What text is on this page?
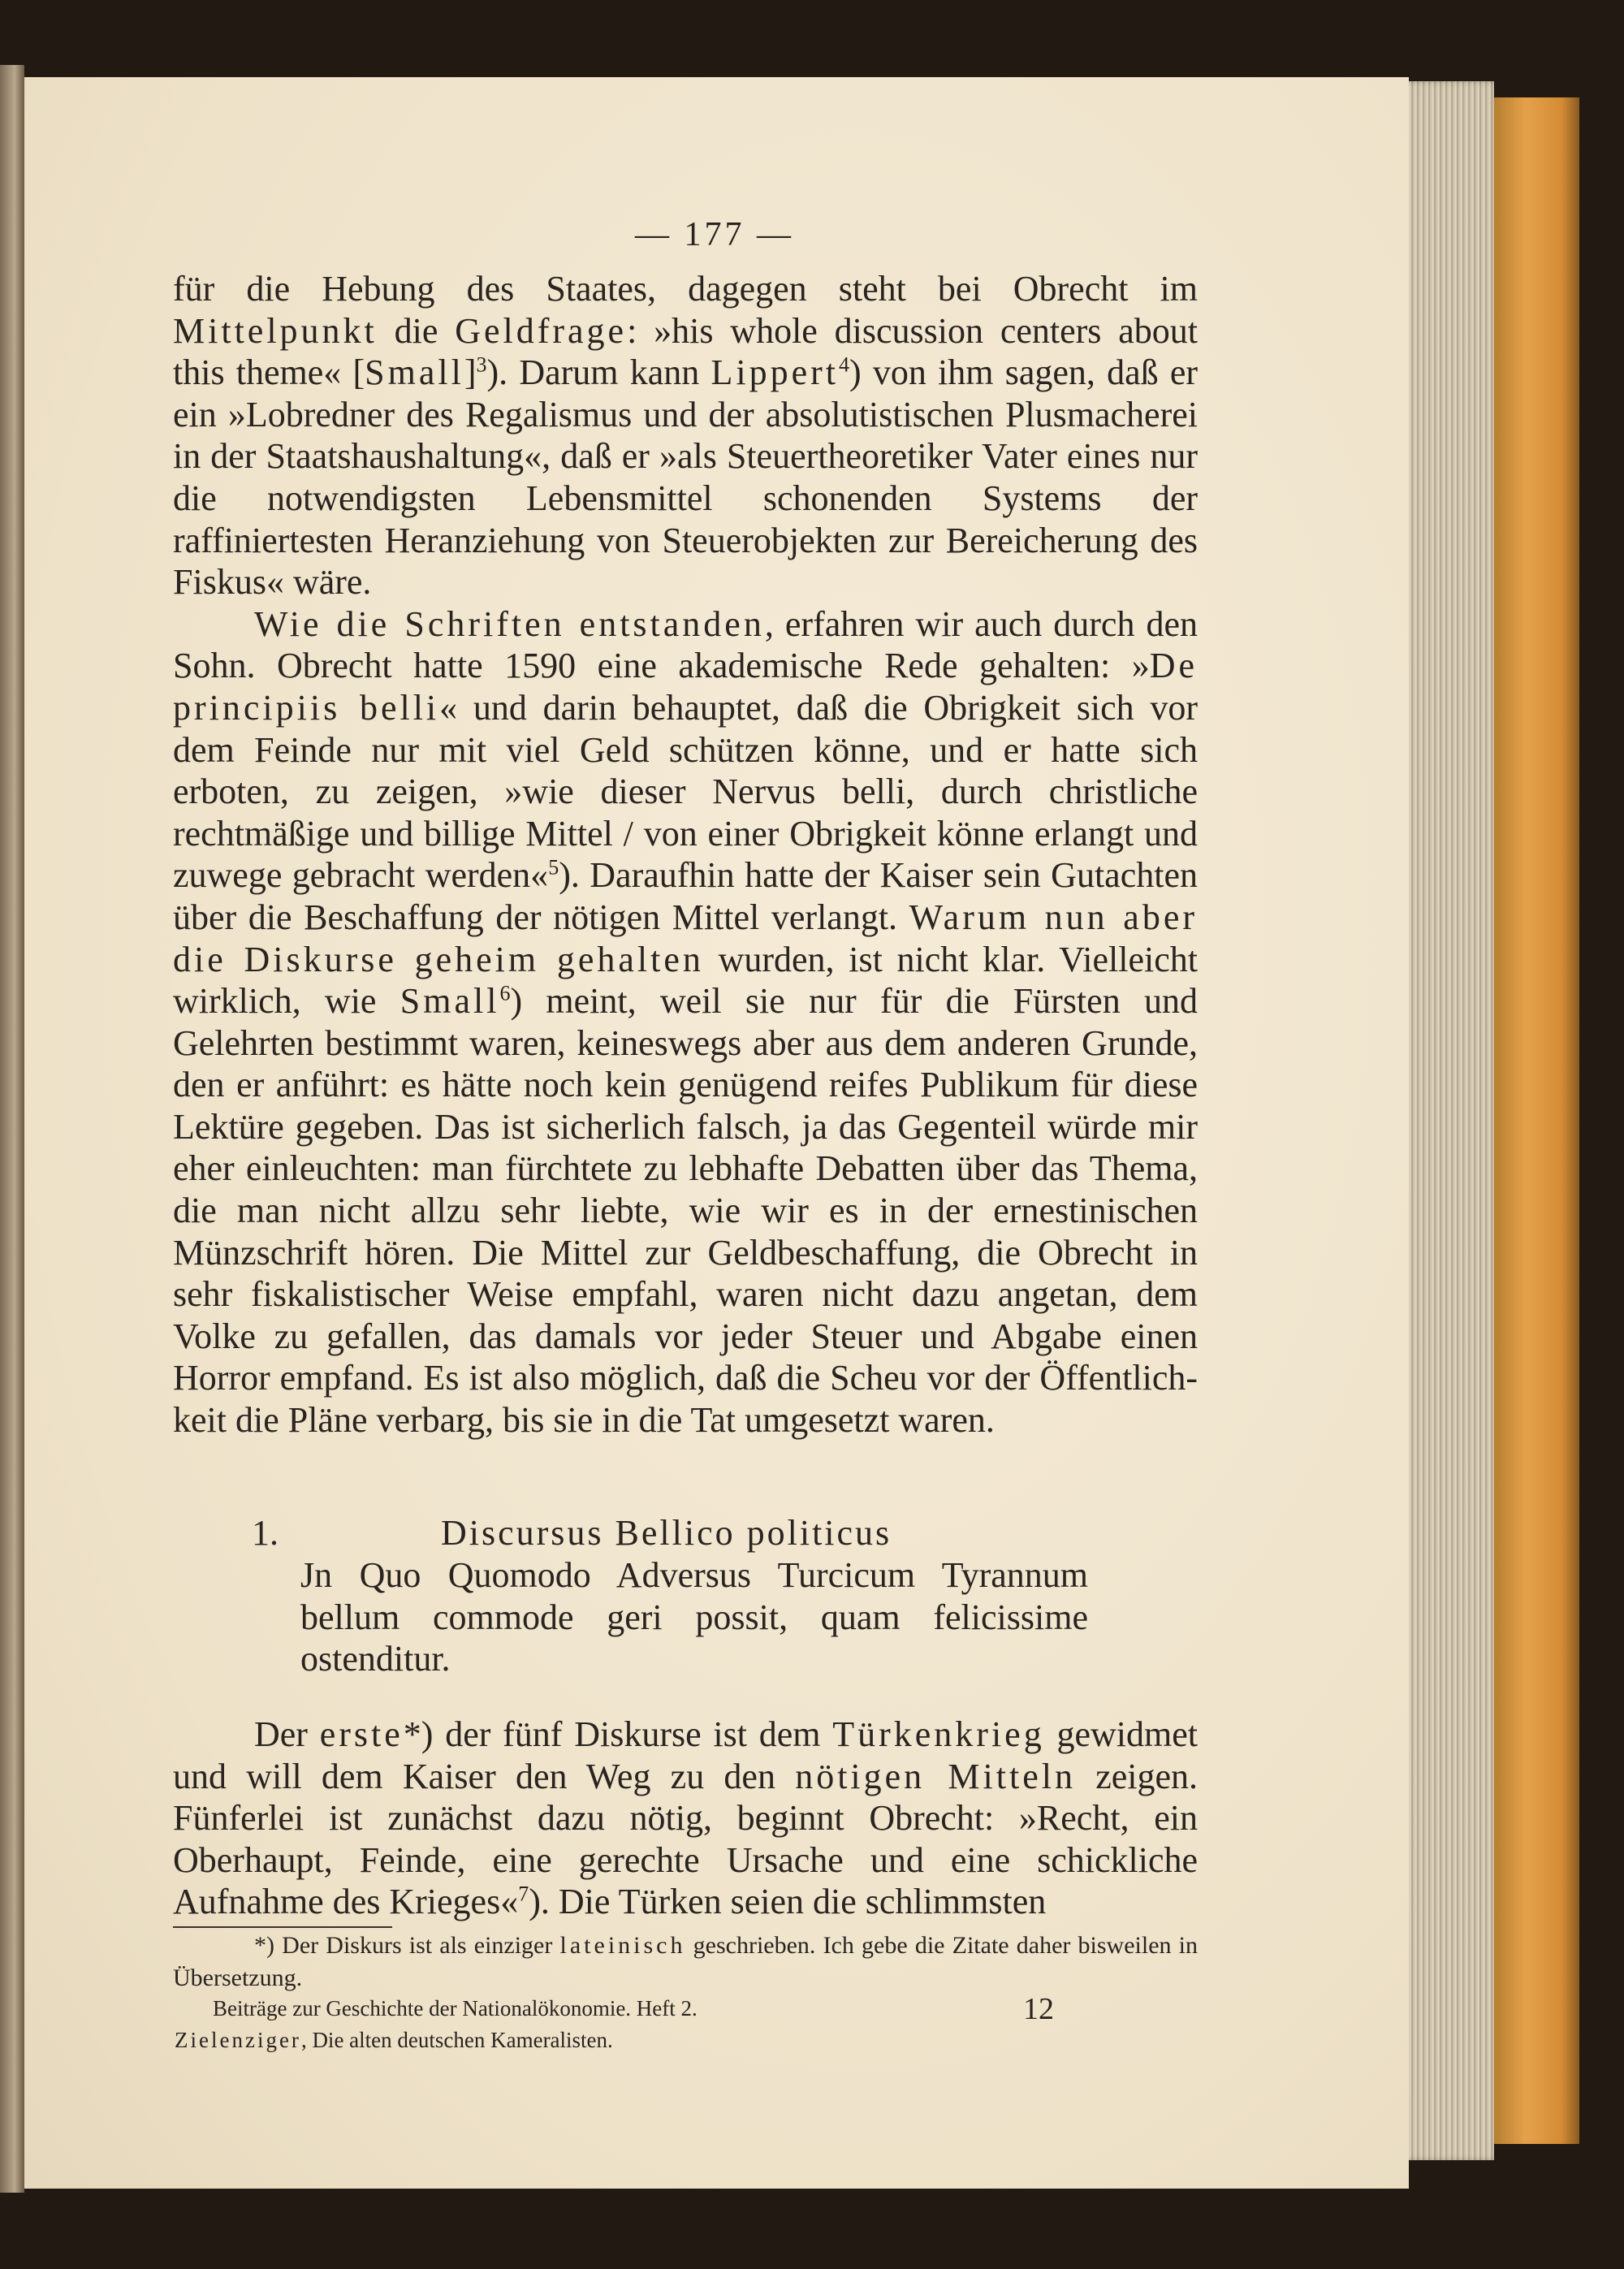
— 177 —

für die Hebung des Staates, dagegen steht bei Obrecht im Mittelpunkt die Geldfrage: »his whole discussion centers about this theme« [Small]$^3$). Darum kann Lippert$^4$) von ihm sagen, daß er ein »Lobredner des Regalismus und der absolutistischen Plusmacherei in der Staatshaushaltung«, daß er »als Steuertheoretiker Vater eines nur die notwendigsten Lebensmittel schonenden Systems der raffiniertesten Heranziehung von Steuerobjekten zur Bereicherung des Fiskus« wäre.

Wie die Schriften entstanden, erfahren wir auch durch den Sohn. Obrecht hatte 1590 eine akademische Rede gehalten: »De principiis belli« und darin behauptet, daß die Obrigkeit sich vor dem Feinde nur mit viel Geld schützen könne, und er hatte sich erboten, zu zeigen, »wie dieser Nervus belli, durch christliche rechtmäßige und billige Mittel / von einer Obrigkeit könne erlangt und zuwege gebracht werden«$^5$). Daraufhin hatte der Kaiser sein Gutachten über die Beschaffung der nötigen Mittel verlangt. Warum nun aber die Diskurse geheim gehalten wurden, ist nicht klar. Vielleicht wirklich, wie Small$^6$) meint, weil sie nur für die Fürsten und Gelehrten bestimmt waren, keineswegs aber aus dem anderen Grunde, den er anführt: es hätte noch kein genügend reifes Publikum für diese Lektüre gegeben. Das ist sicherlich falsch, ja das Gegenteil würde mir eher einleuchten: man fürchtete zu lebhafte Debatten über das Thema, die man nicht allzu sehr liebte, wie wir es in der ernestinischen Münzschrift hören. Die Mittel zur Geldbeschaffung, die Obrecht in sehr fiskalistischer Weise empfahl, waren nicht dazu angetan, dem Volke zu gefallen, das damals vor jeder Steuer und Abgabe einen Horror empfand. Es ist also möglich, daß die Scheu vor der Öffentlichkeit die Pläne verbarg, bis sie in die Tat umgesetzt waren.

1.	Discursus Bellico politicus
Jn Quo Quomodo Adversus Turcicum Tyrannum bellum commode geri possit, quam felicissime ostenditur.

Der erste*) der fünf Diskurse ist dem Türkenkrieg gewidmet und will dem Kaiser den Weg zu den nötigen Mitteln zeigen. Fünferlei ist zunächst dazu nötig, beginnt Obrecht: »Recht, ein Oberhaupt, Feinde, eine gerechte Ursache und eine schickliche Aufnahme des Krieges«$^7$). Die Türken seien die schlimmsten

*) Der Diskurs ist als einziger lateinisch geschrieben. Ich gebe die Zitate daher bisweilen in Übersetzung.

Beiträge zur Geschichte der Nationalökonomie. Heft 2.	12
Zielenziger, Die alten deutschen Kameralisten.
